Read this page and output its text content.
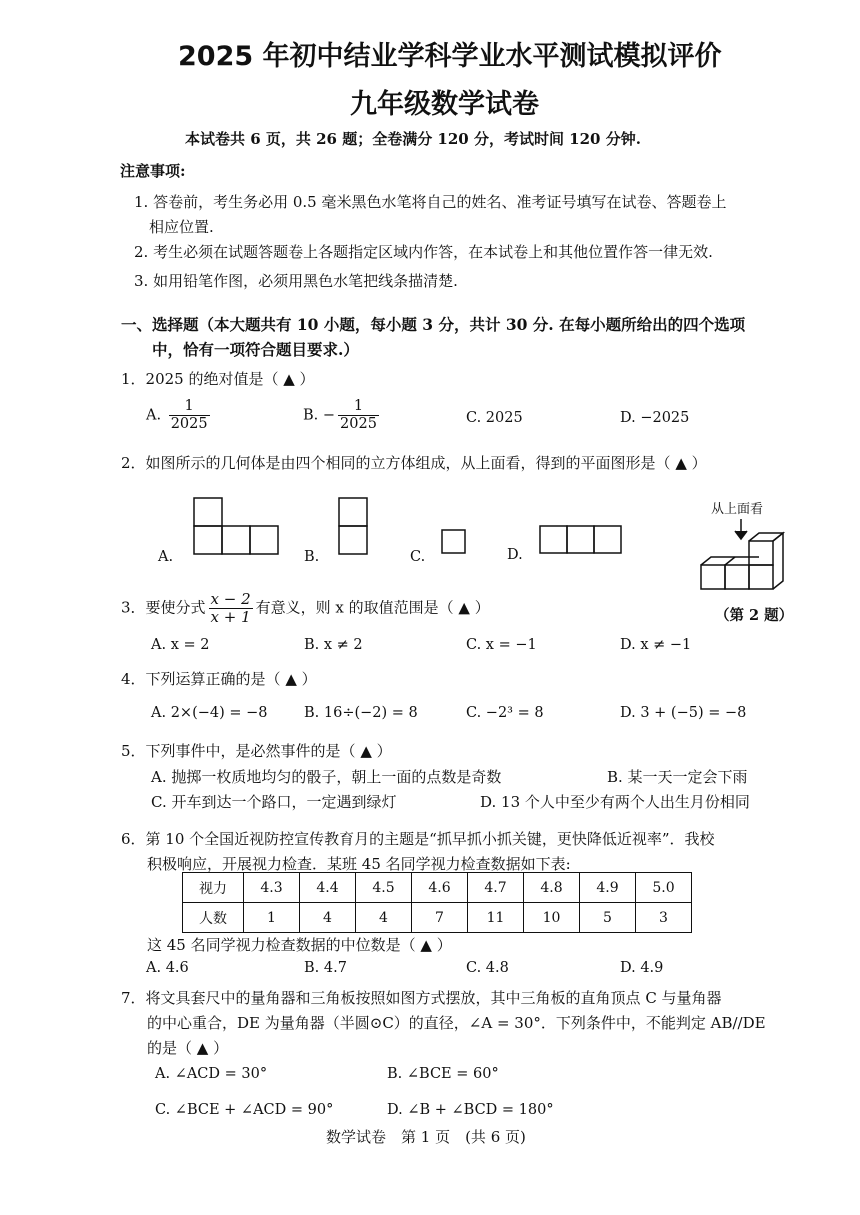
2025 年初中结业学科学业水平测试模拟评价
九年级数学试卷
本试卷共 6 页，共 26 题；全卷满分 120 分，考试时间 120 分钟.
注意事项:
1. 答卷前，考生务必用 0.5 毫米黑色水笔将自己的姓名、准考证号填写在试卷、答题卷上
相应位置.
2. 考生必须在试题答题卷上各题指定区域内作答，在本试卷上和其他位置作答一律无效.
3. 如用铅笔作图，必须用黑色水笔把线条描清楚.
一、选择题（本大题共有 10 小题，每小题 3 分，共计 30 分. 在每小题所给出的四个选项
中，恰有一项符合题目要求.）
1．2025 的绝对值是（ ▲ ）
A. $\frac{1}{2025}$	B. − $\frac{1}{2025}$	C. 2025	D. −2025
2．如图所示的几何体是由四个相同的立方体组成，从上面看，得到的平面图形是（ ▲ ）
A.	B.	C.	D.
从上面看
3．要使分式 $\frac{x - 2}{x + 1}$ 有意义，则 x 的取值范围是（ ▲ ）	（第 2 题）
A. x = 2	B. x ≠ 2	C. x = −1	D. x ≠ −1
4．下列运算正确的是（ ▲ ）
A. 2×(−4) = −8	B. 16÷(−2) = 8	C. −2³ = 8	D. 3 + (−5) = −8
5．下列事件中，是必然事件的是（ ▲ ）
A. 抛掷一枚质地均匀的骰子，朝上一面的点数是奇数	B. 某一天一定会下雨
C. 开车到达一个路口，一定遇到绿灯	D. 13 个人中至少有两个人出生月份相同
6．第 10 个全国近视防控宣传教育月的主题是“抓早抓小抓关键，更快降低近视率”．我校
积极响应，开展视力检查．某班 45 名同学视力检查数据如下表:
视力	4.3	4.4	4.5	4.6	4.7	4.8	4.9	5.0
人数	1	4	4	7	11	10	5	3
这 45 名同学视力检查数据的中位数是（ ▲ ）
A. 4.6	B. 4.7	C. 4.8	D. 4.9
7．将文具套尺中的量角器和三角板按照如图方式摆放，其中三角板的直角顶点 C 与量角器
的中心重合，DE 为量角器（半圆⊙C）的直径，∠A = 30°．下列条件中，不能判定 AB//DE
的是（ ▲ ）
A. ∠ACD = 30°	B. ∠BCE = 60°
C. ∠BCE + ∠ACD = 90°	D. ∠B + ∠BCD = 180°
数学试卷　第 1 页　(共 6 页)
